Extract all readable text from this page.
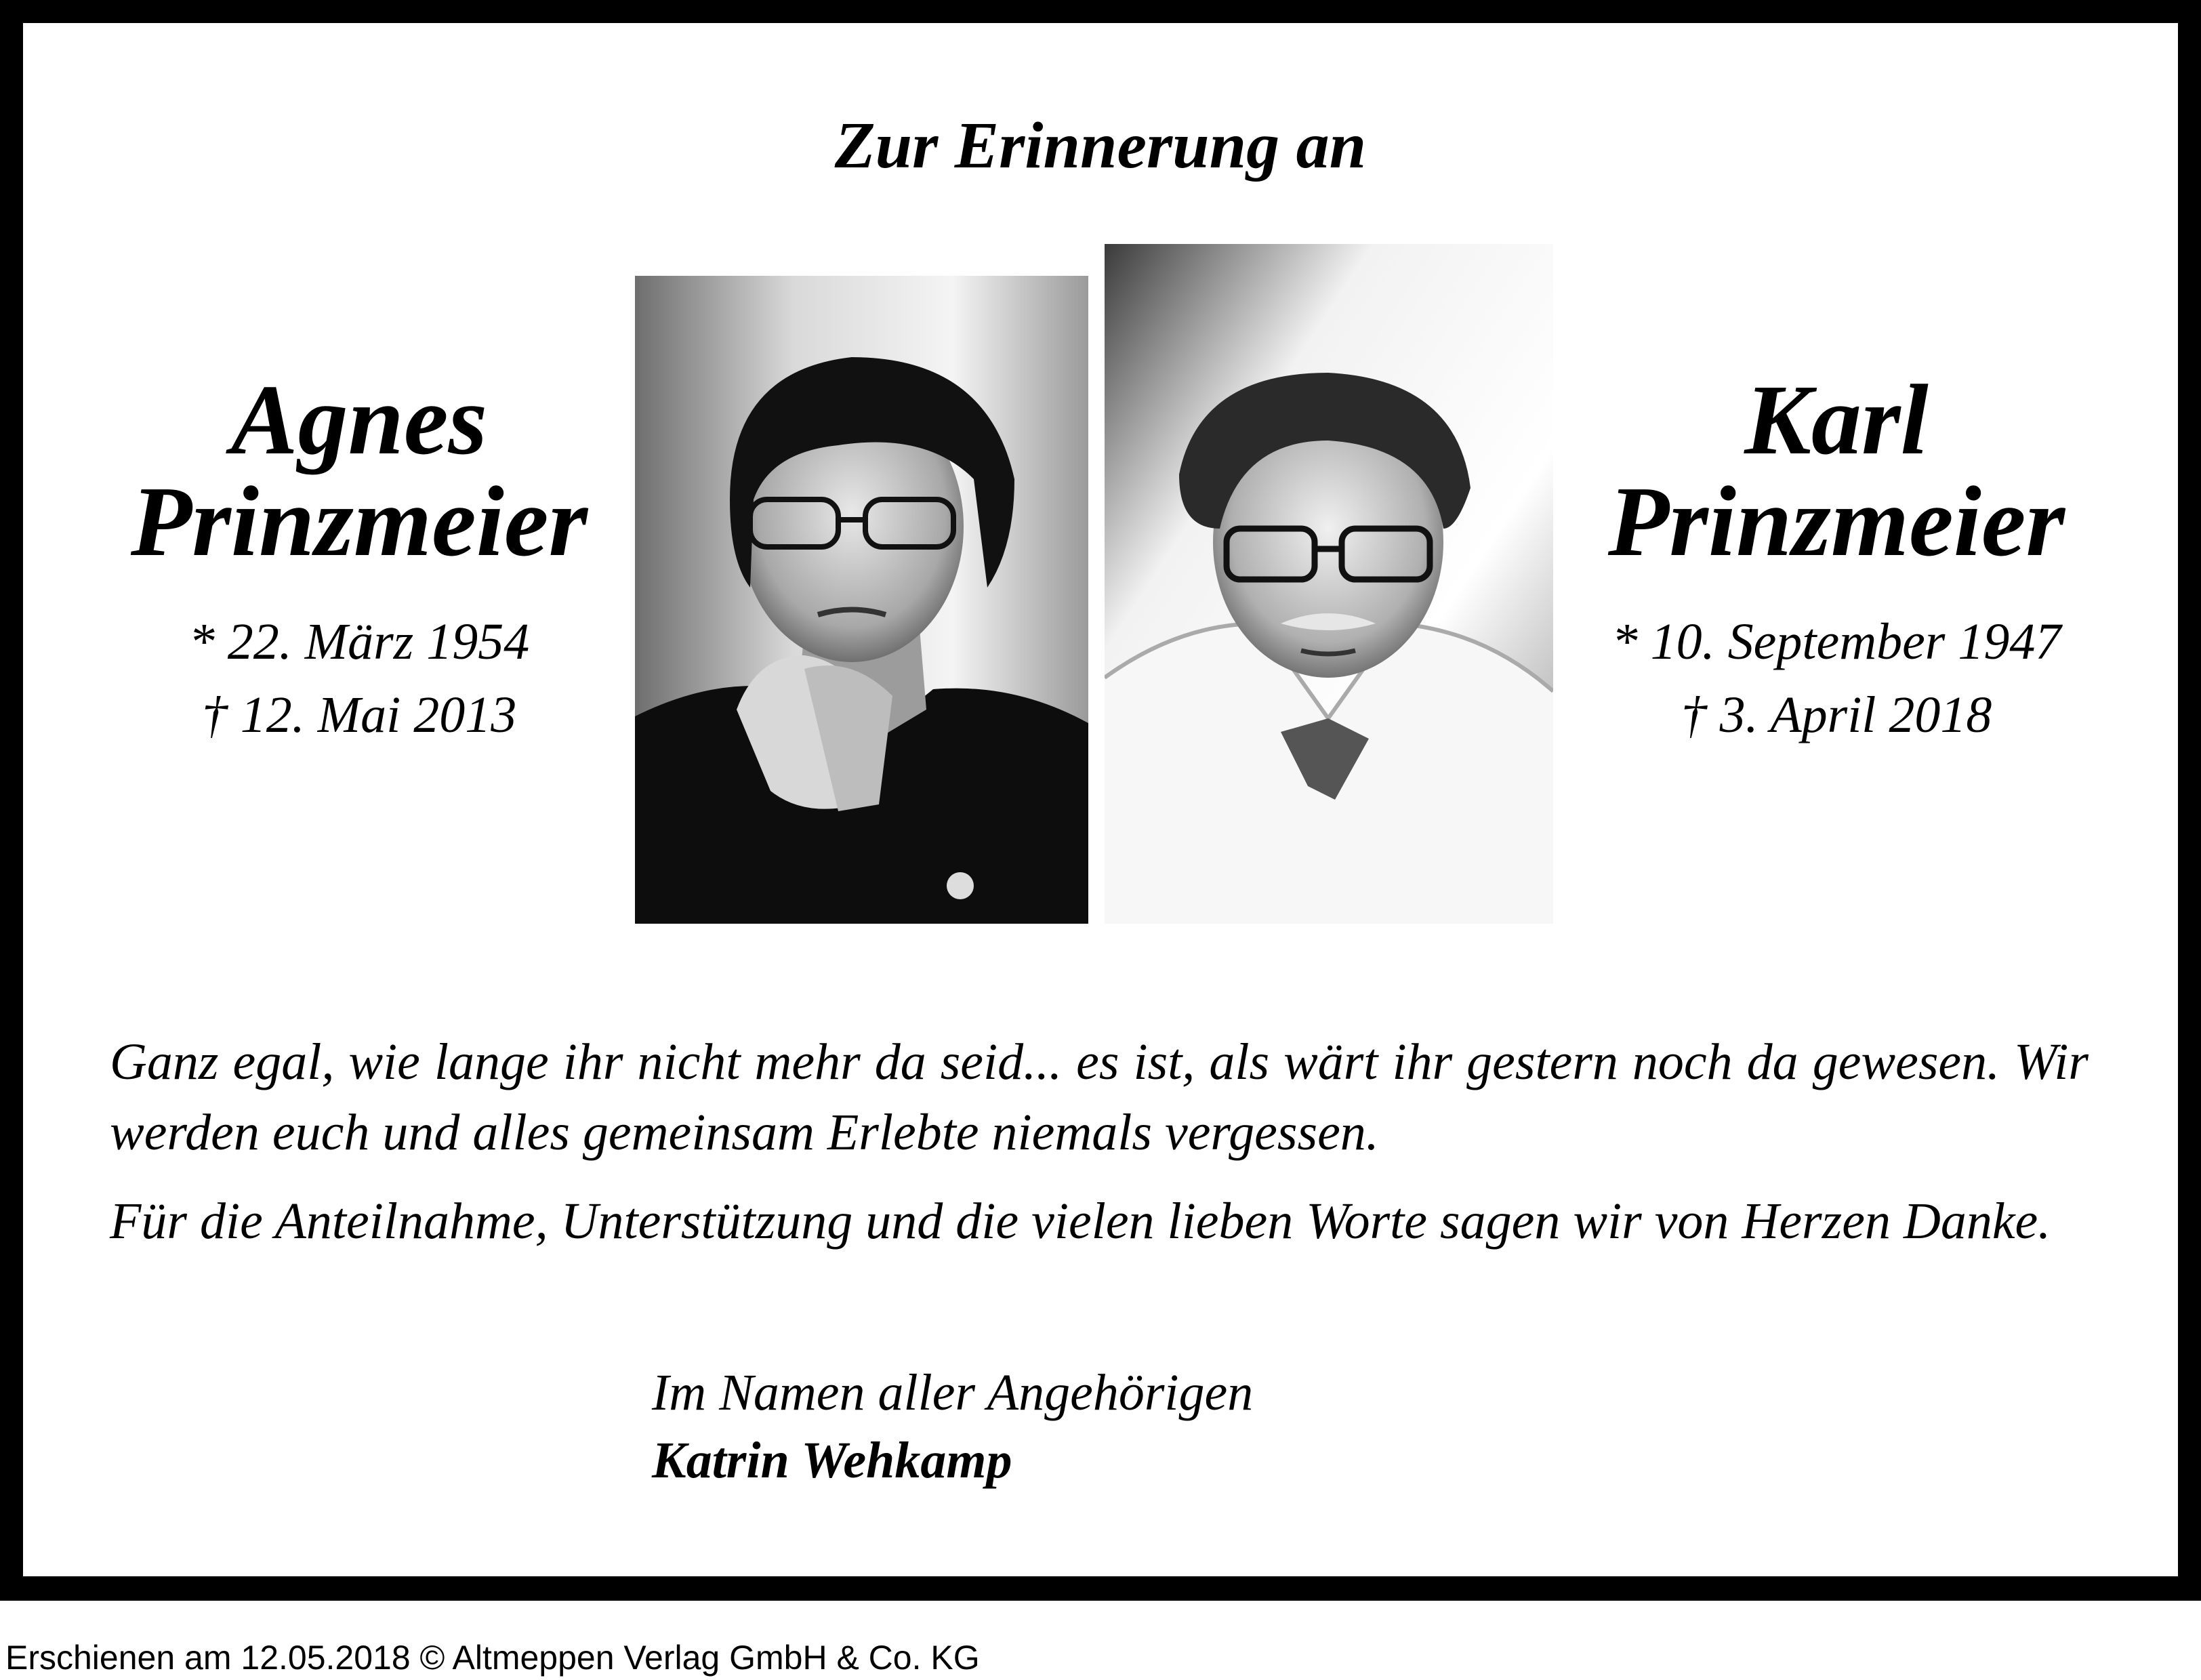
Zur Erinnerung an
Agnes
Prinzmeier
* 22. März 1954
† 12. Mai 2013
Karl
Prinzmeier
* 10. September 1947
† 3. April 2018
Ganz egal, wie lange ihr nicht mehr da seid... es ist, als wärt ihr gestern noch da gewesen. Wir werden euch und alles gemeinsam Erlebte niemals vergessen.
Für die Anteilnahme, Unterstützung und die vielen lieben Worte sagen wir von Herzen Danke.
Im Namen aller Angehörigen
Katrin Wehkamp
Erschienen am 12.05.2018 © Altmeppen Verlag GmbH & Co. KG
